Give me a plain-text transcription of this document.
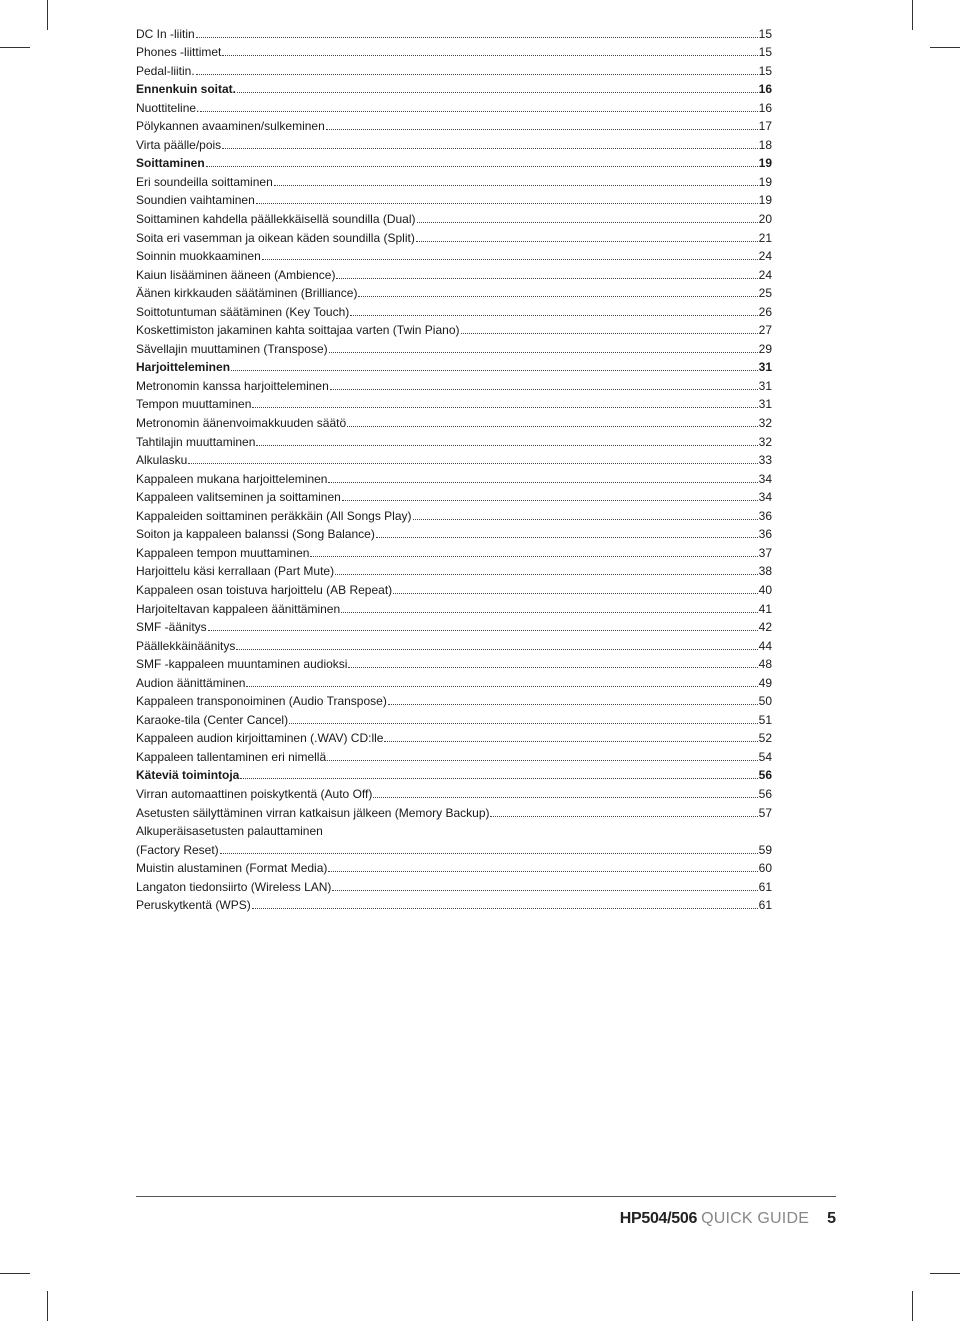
DC In -liitin	15
Phones -liittimet	15
Pedal-liitin.	15
Ennenkuin soitat.	16
Nuottiteline.	16
Pölykannen avaaminen/sulkeminen	17
Virta päälle/pois	18
Soittaminen	19
Eri soundeilla soittaminen	19
Soundien vaihtaminen	19
Soittaminen kahdella päällekkäisellä soundilla (Dual)	20
Soita eri vasemman ja oikean käden soundilla (Split)	21
Soinnin muokkaaminen	24
Kaiun lisääminen ääneen (Ambience)	24
Äänen kirkkauden säätäminen (Brilliance)	25
Soittotuntuman säätäminen (Key Touch)	26
Koskettimiston jakaminen kahta soittajaa varten (Twin Piano)	27
Sävellajin muuttaminen (Transpose)	29
Harjoitteleminen	31
Metronomin kanssa harjoitteleminen	31
Tempon muuttaminen	31
Metronomin äänenvoimakkuuden säätö	32
Tahtilajin muuttaminen	32
Alkulasku	33
Kappaleen mukana harjoitteleminen	34
Kappaleen valitseminen ja soittaminen	34
Kappaleiden soittaminen peräkkäin (All Songs Play)	36
Soiton ja kappaleen balanssi (Song Balance)	36
Kappaleen tempon muuttaminen	37
Harjoittelu käsi kerrallaan (Part Mute)	38
Kappaleen osan toistuva harjoittelu (AB Repeat)	40
Harjoiteltavan kappaleen äänittäminen	41
SMF -äänitys	42
Päällekkäinäänitys	44
SMF -kappaleen muuntaminen audioksi	48
Audion äänittäminen	49
Kappaleen transponoiminen (Audio Transpose)	50
Karaoke-tila (Center Cancel)	51
Kappaleen audion kirjoittaminen (.WAV) CD:lle	52
Kappaleen tallentaminen eri nimellä	54
Käteviä toimintoja	56
Virran automaattinen poiskytkentä (Auto Off)	56
Asetusten säilyttäminen virran katkaisun jälkeen (Memory Backup)	57
Alkuperäisasetusten palauttaminen
(Factory Reset)	59
Muistin alustaminen (Format Media)	60
Langaton tiedonsiirto (Wireless LAN)	61
Peruskytkentä (WPS)	61
HP504/506 QUICK GUIDE 5
